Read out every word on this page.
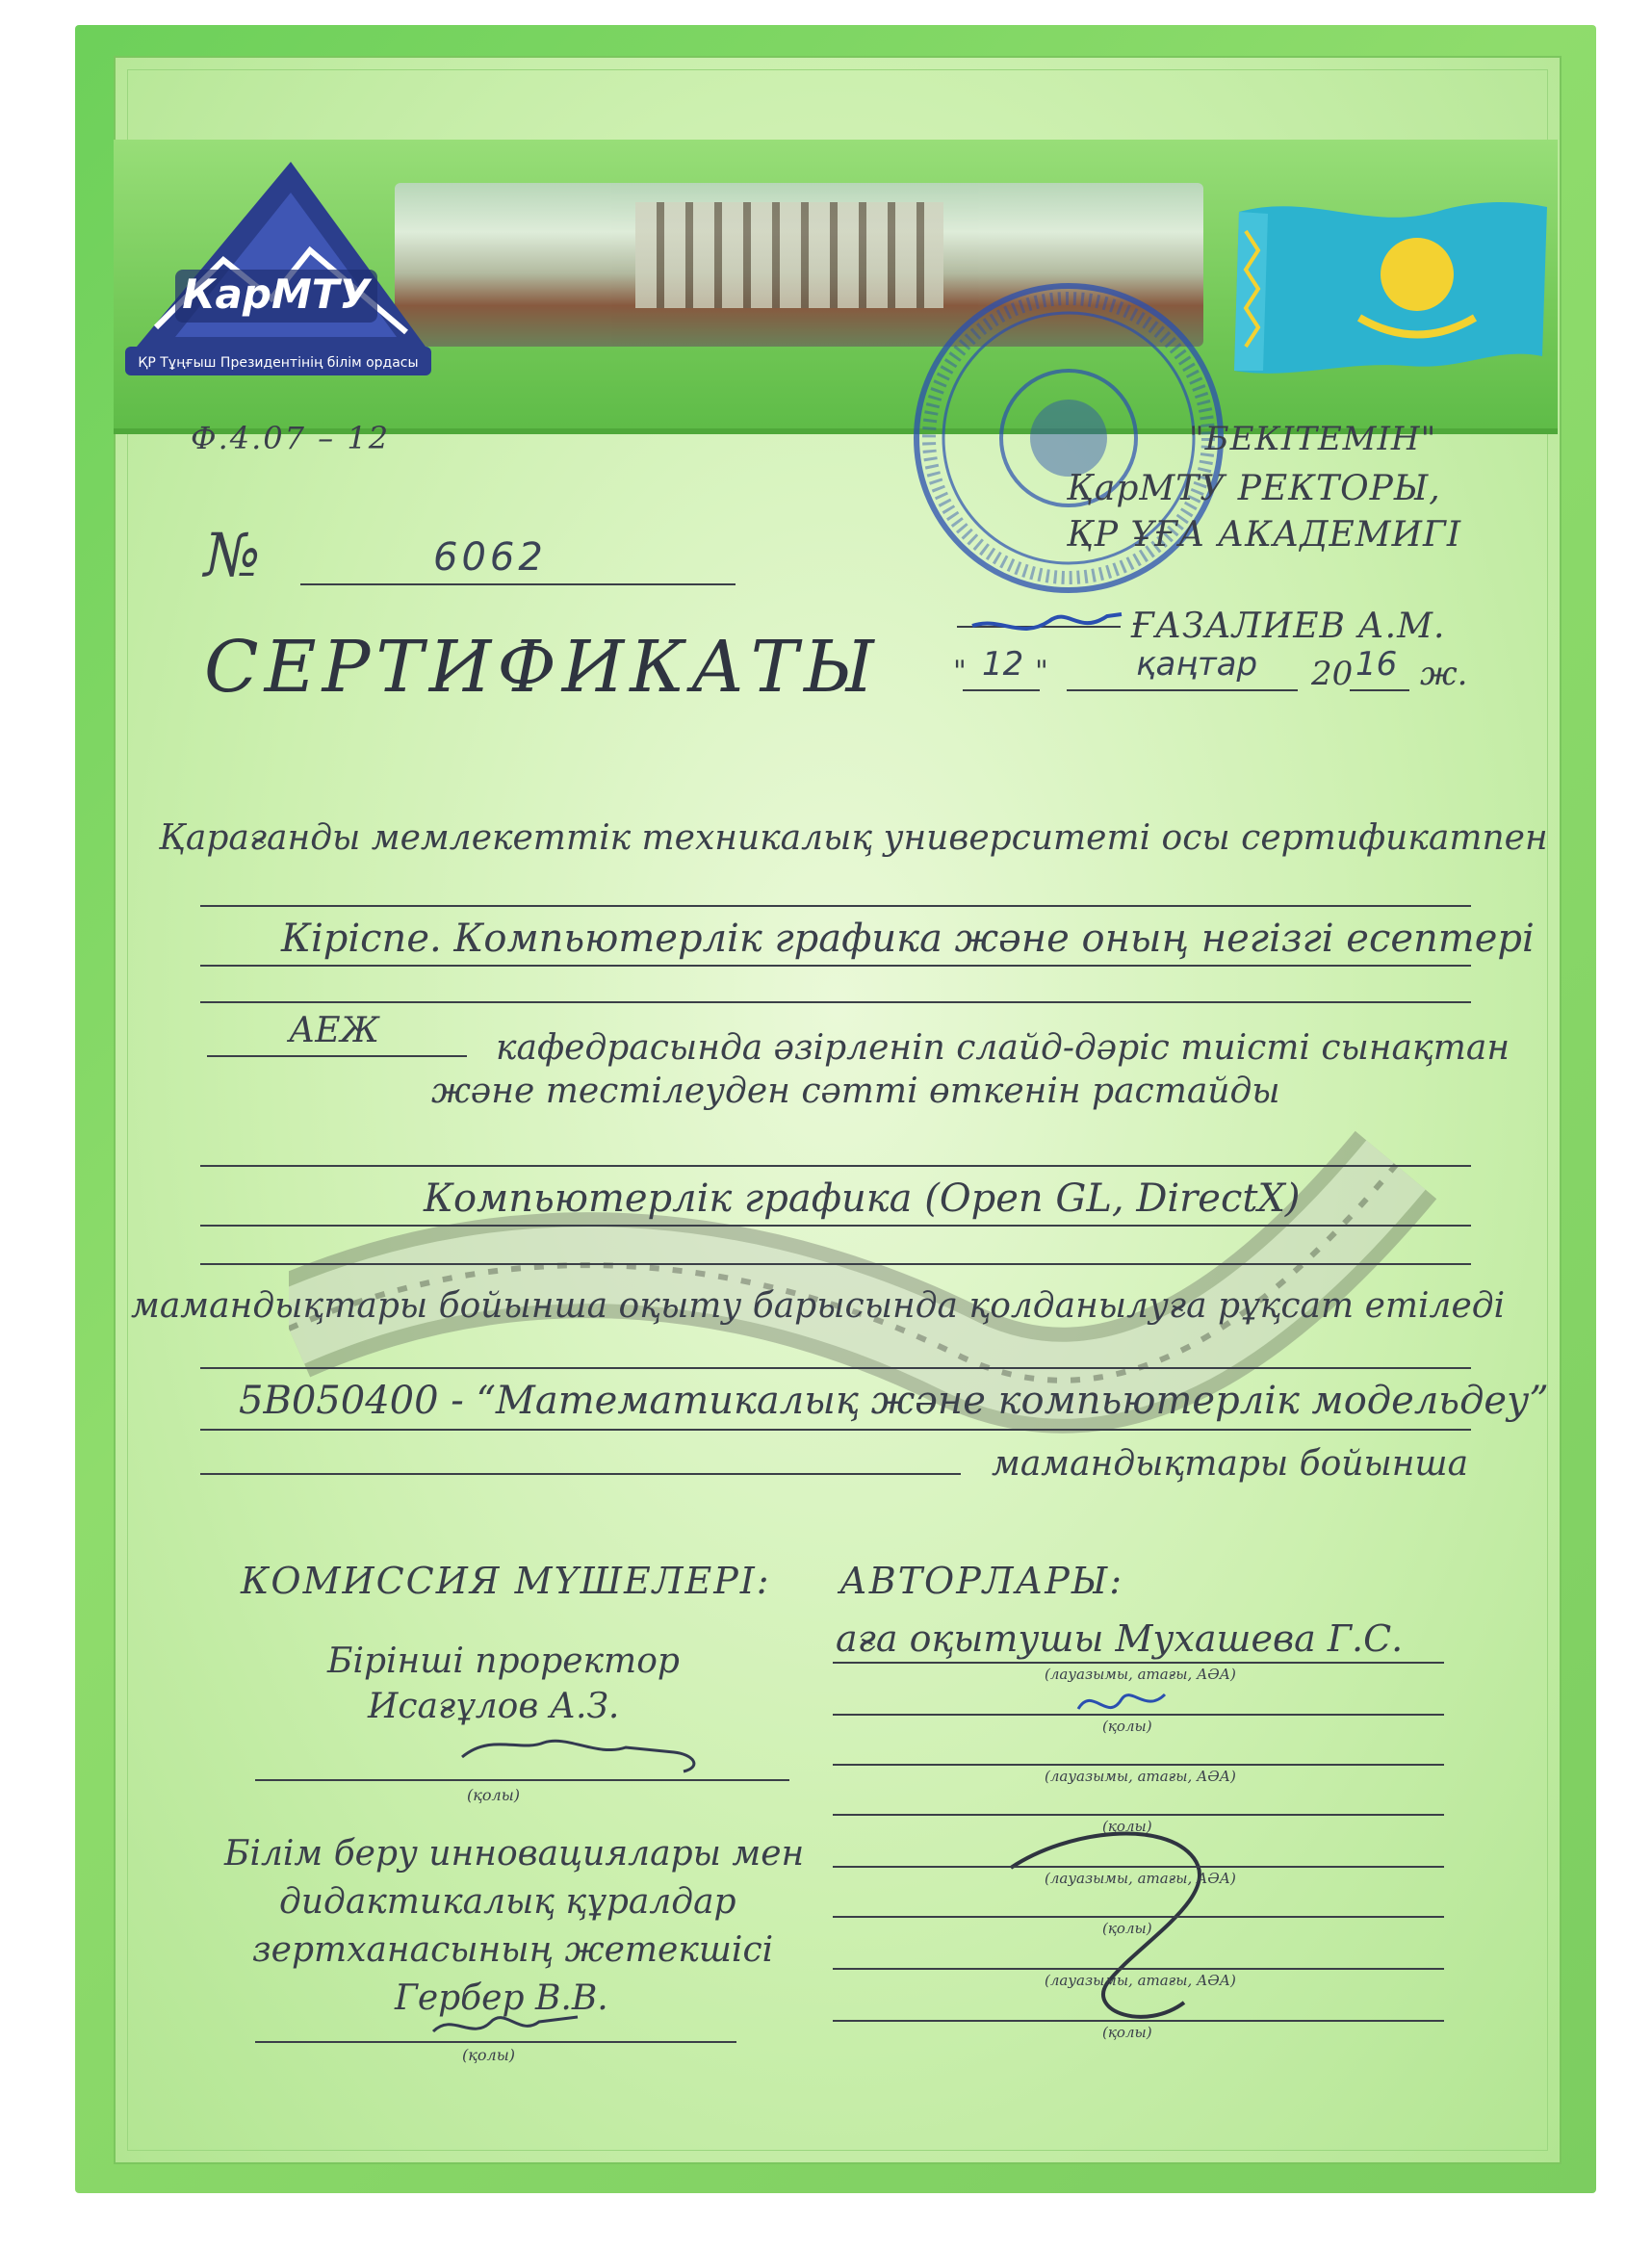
КарМТУ
ҚР Тұңғыш Президентінің білім ордасы
Ф.4.07 – 12	"БЕКІТЕМІН"
ҚарМТУ РЕКТОРЫ,
ҚР ҰҒА АКАДЕМИГІ
ҒАЗАЛИЕВ А.М.
" 12 "	қаңтар 20 16 ж.
№	6062
СЕРТИФИКАТЫ
Қарағанды мемлекеттік техникалық университеті осы сертификатпен
Кіріспе. Компьютерлік графика және оның негізгі есептері
АЕЖ	кафедрасында әзірленіп слайд-дәріс тиісті сынақтан
және тестілеуден сәтті өткенін растайды
Компьютерлік графика (Open GL, DirectX)
мамандықтары бойынша оқыту барысында қолданылуға рұқсат етіледі
5B050400 - “Математикалық және компьютерлік модельдеу”
мамандықтары бойынша
КОМИССИЯ МҮШЕЛЕРІ:
Бірінші проректор
Исағұлов А.З.
(қолы)
Білім беру инновациялары мен
дидактикалық құралдар
зертханасының жетекшісі
Гербер В.В.
(қолы)
АВТОРЛАРЫ:
аға оқытушы Мухашева Г.С.
(лауазымы, атағы, АӘА)
(қолы)
(лауазымы, атағы, АӘА)
(қолы)
(лауазымы, атағы, АӘА)
(қолы)
(лауазымы, атағы, АӘА)
(қолы)
